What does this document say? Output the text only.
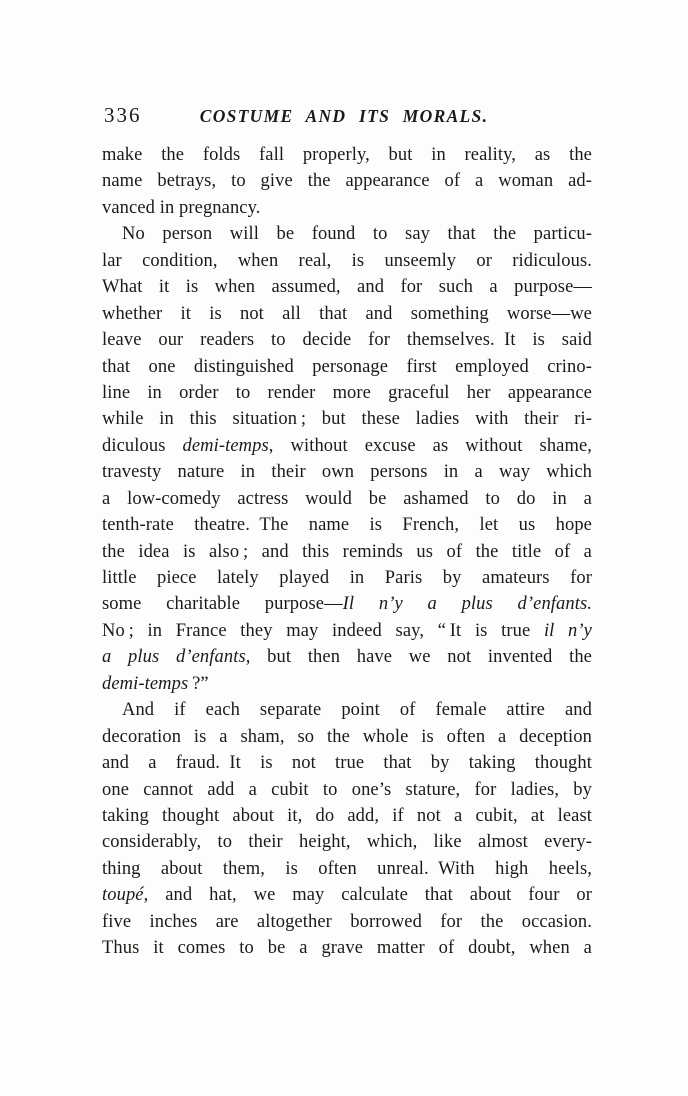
336	COSTUME AND ITS MORALS.
make the folds fall properly, but in reality, as the
name betrays, to give the appearance of a woman ad-
vanced in pregnancy.
No person will be found to say that the particu-
lar condition, when real, is unseemly or ridiculous.
What it is when assumed, and for such a purpose—
whether it is not all that and something worse—we
leave our readers to decide for themselves. It is said
that one distinguished personage first employed crino-
line in order to render more graceful her appearance
while in this situation ; but these ladies with their ri-
diculous demi-temps, without excuse as without shame,
travesty nature in their own persons in a way which
a low-comedy actress would be ashamed to do in a
tenth-rate theatre. The name is French, let us hope
the idea is also ; and this reminds us of the title of a
little piece lately played in Paris by amateurs for
some charitable purpose—Il n’y a plus d’enfants.
No ; in France they may indeed say, “ It is true il n’y
a plus d’enfants, but then have we not invented the
demi-temps ?”
And if each separate point of female attire and
decoration is a sham, so the whole is often a deception
and a fraud. It is not true that by taking thought
one cannot add a cubit to one’s stature, for ladies, by
taking thought about it, do add, if not a cubit, at least
considerably, to their height, which, like almost every-
thing about them, is often unreal. With high heels,
toupé, and hat, we may calculate that about four or
five inches are altogether borrowed for the occasion.
Thus it comes to be a grave matter of doubt, when a
